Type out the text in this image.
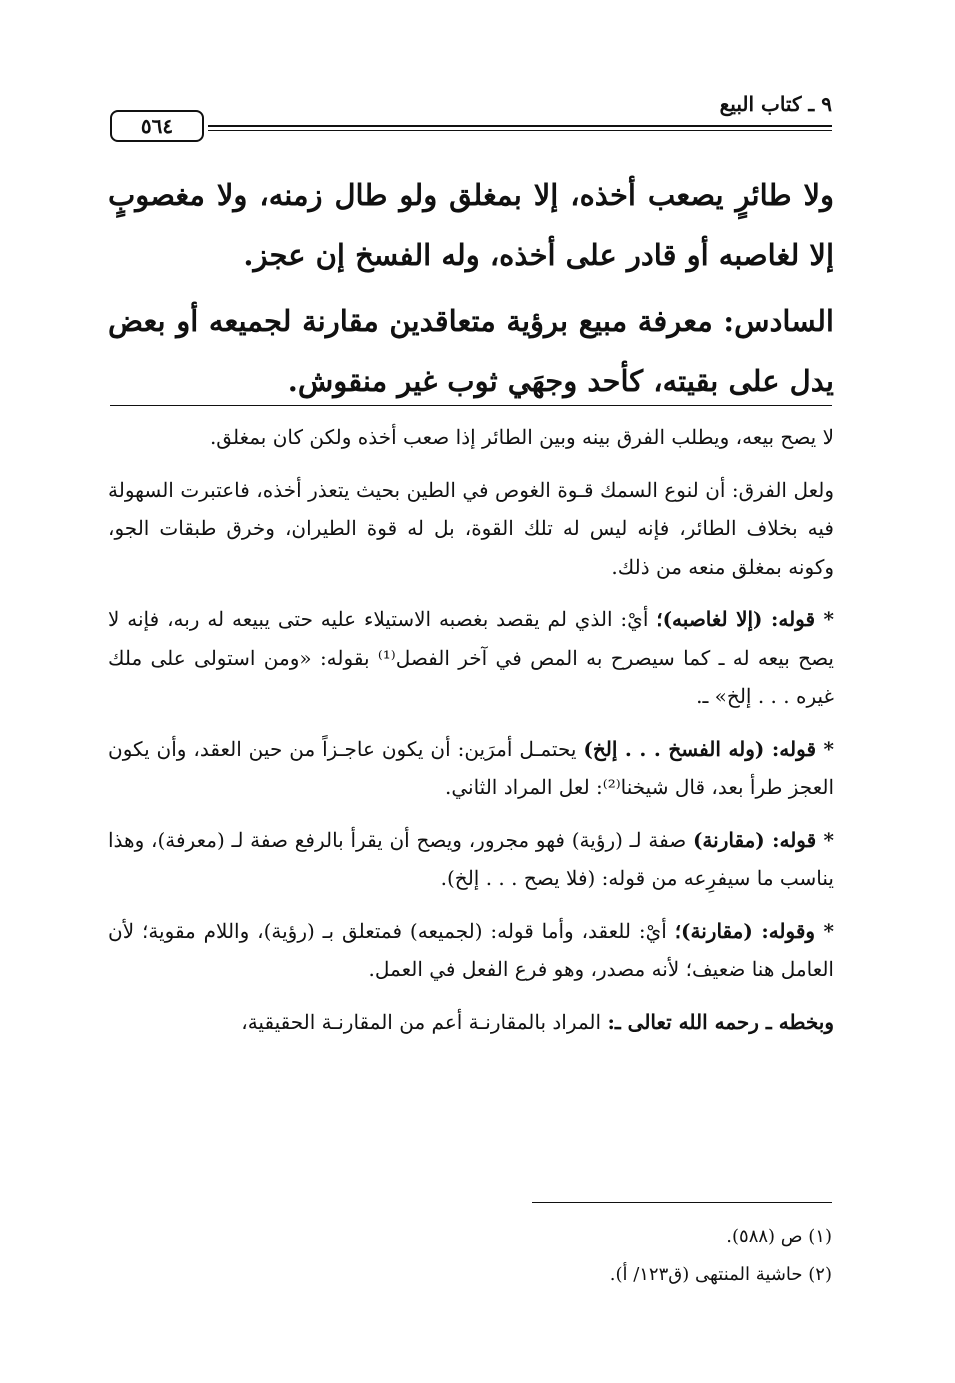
٥٦٤
٩ ـ كتاب البيع

ولا طائرٍ يصعب أخذه، إلا بمغلق ولو طال زمنه، ولا مغصوبٍ إلا لغاصبه أو قادر على أخذه، وله الفسخ إن عجز.

السادس: معرفة مبيع برؤية متعاقدين مقارنة لجميعه أو بعض يدل على بقيته، كأحد وجهَي ثوب غير منقوش.

لا يصح بيعه، ويطلب الفرق بينه وبين الطائر إذا صعب أخذه ولكن كان بمغلق.

ولعل الفرق: أن لنوع السمك قـوة الغوص في الطين بحيث يتعذر أخذه، فاعتبرت السهولة فيه بخلاف الطائر، فإنه ليس له تلك القوة، بل له قوة الطيران، وخرق طبقات الجو، وكونه بمغلق منعه من ذلك.

* قوله: (إلا لغاصبه)؛ أيْ: الذي لم يقصد بغصبه الاستيلاء عليه حتى يبيعه له ربه، فإنه لا يصح بيعه له ـ كما سيصرح به المص في آخر الفصل⁽¹⁾ بقوله: «ومن استولى على ملك غيره . . . إلخ» ـ.

* قوله: (وله الفسخ . . . إلخ) يحتمـل أمرَين: أن يكون عاجـزاً من حين العقد، وأن يكون العجز طرأ بعد، قال شيخنا⁽²⁾: لعل المراد الثاني.

* قوله: (مقارنة) صفة لـ (رؤية) فهو مجرور، ويصح أن يقرأ بالرفع صفة لـ (معرفة)، وهذا يناسب ما سيفرِعه من قوله: (فلا يصح . . . إلخ).

* وقوله: (مقارنة)؛ أيْ: للعقد، وأما قوله: (لجميعه) فمتعلق بـ (رؤية)، واللام مقوية؛ لأن العامل هنا ضعيف؛ لأنه مصدر، وهو فرع الفعل في العمل.

وبخطه ـ رحمه الله تعالى ـ: المراد بالمقارنـة أعم من المقارنـة الحقيقية،

(١) ص (٥٨٨).
(٢) حاشية المنتهى (ق١٢٣/ أ).
